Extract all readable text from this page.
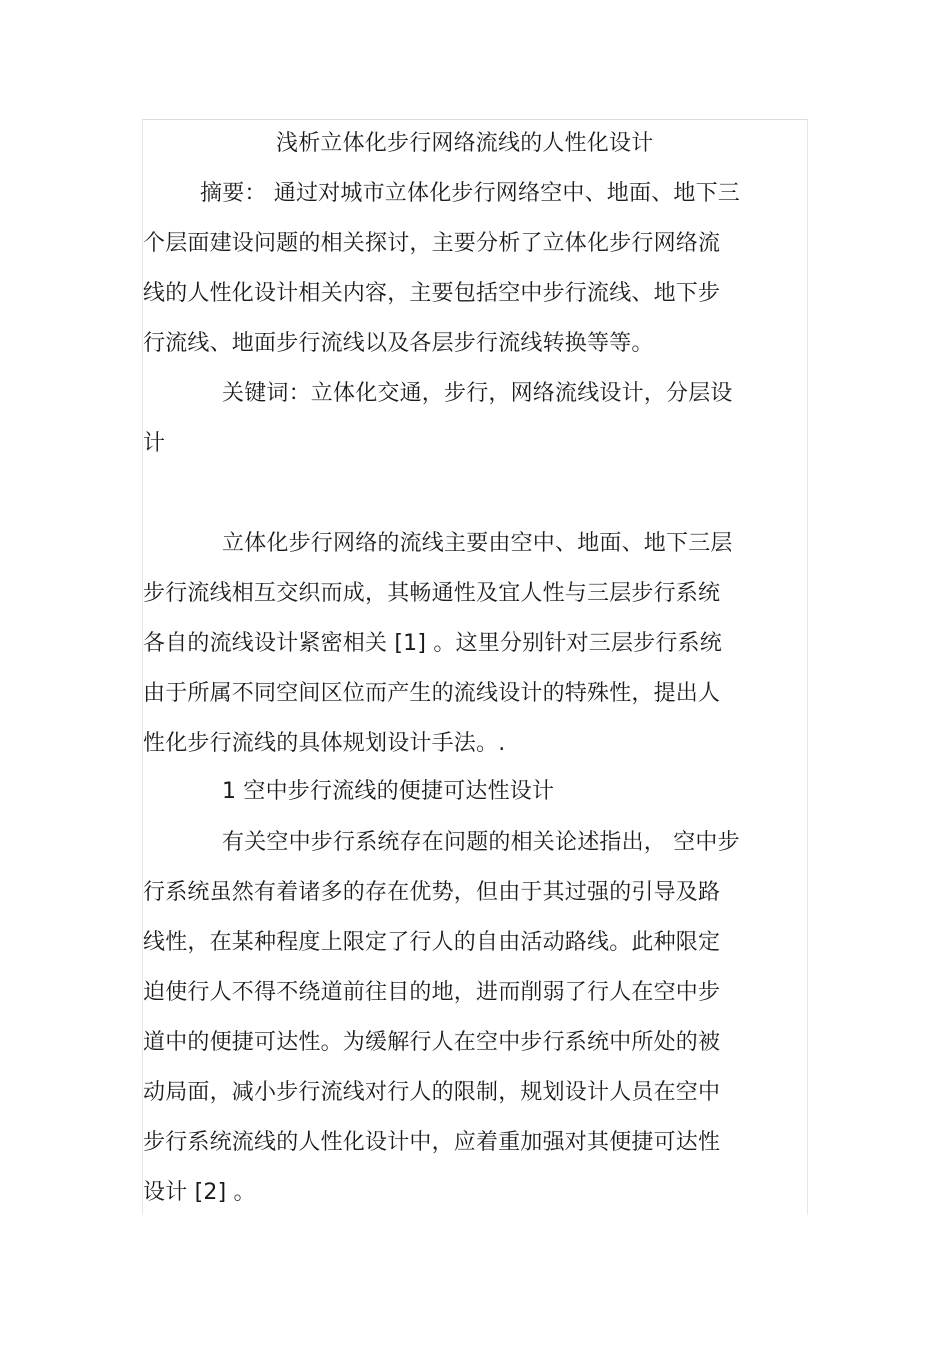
浅析立体化步行网络流线的人性化设计
摘要： 通过对城市立体化步行网络空中、地面、地下三
个层面建设问题的相关探讨，主要分析了立体化步行网络流
线的人性化设计相关内容，主要包括空中步行流线、地下步
行流线、地面步行流线以及各层步行流线转换等等。
关键词：立体化交通，步行，网络流线设计，分层设
计
立体化步行网络的流线主要由空中、地面、地下三层
步行流线相互交织而成，其畅通性及宜人性与三层步行系统
各自的流线设计紧密相关 [1] 。这里分别针对三层步行系统
由于所属不同空间区位而产生的流线设计的特殊性，提出人
性化步行流线的具体规划设计手法。.
1 空中步行流线的便捷可达性设计
有关空中步行系统存在问题的相关论述指出， 空中步
行系统虽然有着诸多的存在优势，但由于其过强的引导及路
线性，在某种程度上限定了行人的自由活动路线。此种限定
迫使行人不得不绕道前往目的地，进而削弱了行人在空中步
道中的便捷可达性。为缓解行人在空中步行系统中所处的被
动局面，减小步行流线对行人的限制，规划设计人员在空中
步行系统流线的人性化设计中，应着重加强对其便捷可达性
设计 [2] 。
